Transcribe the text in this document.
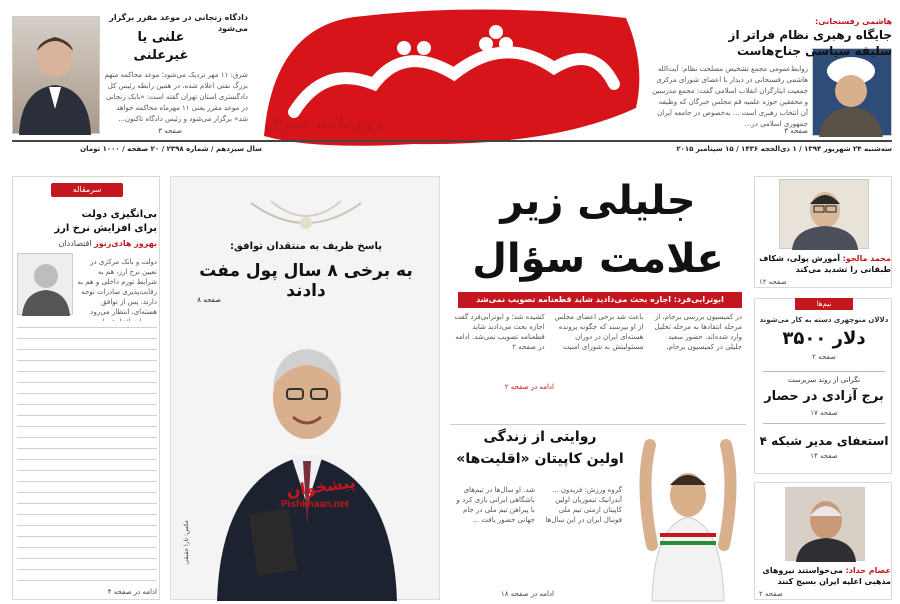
دادگاه زنجانی در موعد مقرر برگزار می‌شود
علنی یا
غیرعلنی
شرق: ۱۱ مهر نزدیک می‌شود؛ موعد محاکمه متهم بزرگ نفتی اعلام شده، در همین رابطه رئیس کل دادگستری استان تهران گفته است: «بابک زنجانی در موعد مقرر یعنی ۱۱ مهرماه محاکمه خواهد شد» برگزار می‌شود و رئیس دادگاه تاکنون...
صفحه ۳	روزنامه شرق
هاشمی رفسنجانی:
جایگاه رهبری نظام فراتر از
سلیقه سیاسی جناح‌هاست
روابط‌عمومی مجمع تشخیص مصلحت نظام: آیت‌الله هاشمی رفسنجانی در دیدار با اعضای شورای مرکزی جمعیت ایثارگران انقلاب اسلامی گفت: مجمع مدرسین و محققین حوزه علمیه قم مجلس خبرگان که وظیفه آن انتخاب رهبری است ... به‌خصوص در جامعه ایران جمهوری اسلامی در...
صفحه ۳
سال سیزدهم / شماره ۲۳۹۸ / ۲۰ صفحه / ۱۰۰۰ تومان	سه‌شنبه ۲۴ شهریور ۱۳۹۴ / ۱ ذی‌الحجه ۱۴۳۶ / ۱۵ سپتامبر ۲۰۱۵
سرمقاله
بی‌انگیزی دولت
برای افزایش نرخ ارز
بهروز هادی‌زنوز اقتصاددان
دولت و بانک مرکزی در تعیین نرخ ارز، هم به شرایط تورم داخلی و هم به رقابت‌پذیری صادرات توجه دارند. پس از توافق هسته‌ای، انتظار می‌رود
ادامه در صفحه ۴
پاسخ ظریف به منتقدان توافق:
به برخی ۸ سال پول مفت دادند
صفحه ۸
پیشخوان
Pishkhaan.net
عکس: تارا حقیقی
جلیلی زیر
علامت سؤال
ابوترابی‌فرد: اجازه بحث می‌دادید شاید قطعنامه تصویب نمی‌شد
در کمیسیون بررسی برجام، از مرحله انتقادها به مرحله تحلیل وارد شده‌اند. حضور سعید جلیلی در کمیسیون برجام، باعث شد برخی اعضای مجلس از او بپرسند که چگونه پرونده هسته‌ای ایران در دوران مسئولیتش به شورای امنیت کشیده شد؛ و ابوترابی‌فرد گفت اجازه بحث می‌دادید شاید قطعنامه تصویب نمی‌شد. ادامه در صفحه ۲
ادامه در صفحه ۲
روایتی از زندگی
اولین کاپیتان «اقلیت‌ها»
گروه ورزش: فریدون ... آندرانیک تیموریان اولین کاپیتان ارمنی تیم ملی فوتبال ایران در این سال‌ها شد. او سال‌ها در تیم‌های باشگاهی ایرانی بازی کرد و با پیراهن تیم ملی در جام جهانی حضور یافت ...
ادامه در صفحه ۱۸
محمد مالجو: آموزش پولی، شکاف طبقاتی را تشدید می‌کند
صفحه ۱۲
نیم‌ها
دلالان منوچهری دسته به کار می‌شوند
دلار ۳۵۰۰
صفحه ۲
نگرانی از روند سربرست
برج آزادی در حصار
صفحه ۱۷
استعفای مدیر شبکه ۴
صفحه ۱۴
عصام حداد: می‌خواستند نیروهای مذهبی اعلیه ایران بسیج کنند
صفحه ۲
